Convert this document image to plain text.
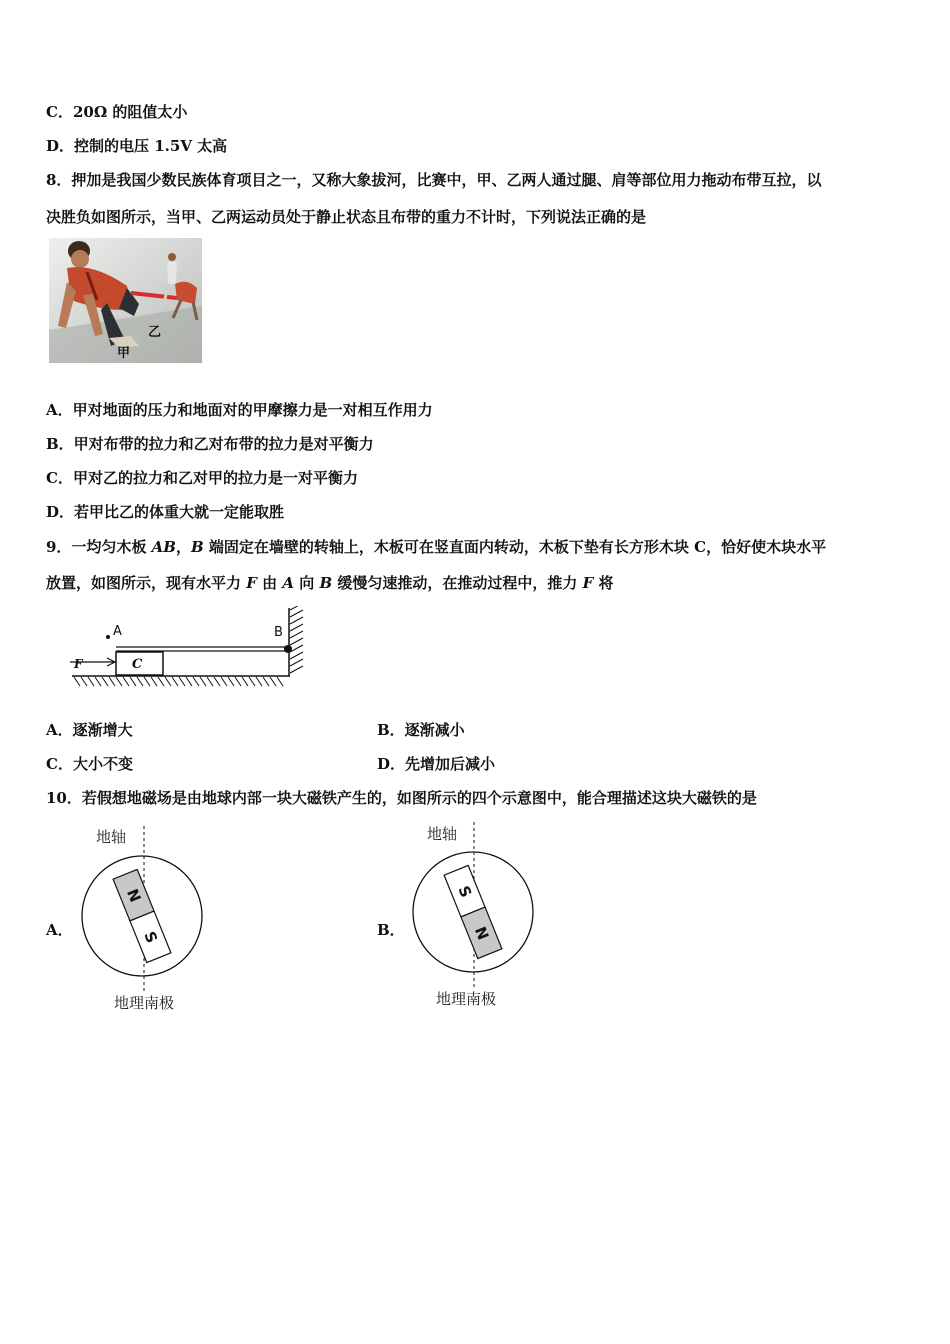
C．20Ω 的阻值太小
D．控制的电压 1.5V 太高
8．押加是我国少数民族体育项目之一，又称大象拔河，比赛中，甲、乙两人通过腿、肩等部位用力拖动布带互拉，以
决胜负如图所示，当甲、乙两运动员处于静止状态且布带的重力不计时，下列说法正确的是
乙
甲
A．甲对地面的压力和地面对的甲摩擦力是一对相互作用力
B．甲对布带的拉力和乙对布带的拉力是对平衡力
C．甲对乙的拉力和乙对甲的拉力是一对平衡力
D．若甲比乙的体重大就一定能取胜
9．一均匀木板 AB，B 端固定在墙壁的转轴上，木板可在竖直面内转动，木板下垫有长方形木块 C，恰好使木块水平
放置，如图所示，现有水平力 F 由 A 向 B 缓慢匀速推动，在推动过程中，推力 F 将
C
F
A	B
A．逐渐增大	B．逐渐减小
C．大小不变	D．先增加后减小
10．若假想地磁场是由地球内部一块大磁铁产生的，如图所示的四个示意图中，能合理描述这块大磁铁的是
A．
地轴
地理南极
N
S	B．
地轴
地理南极
S
N
